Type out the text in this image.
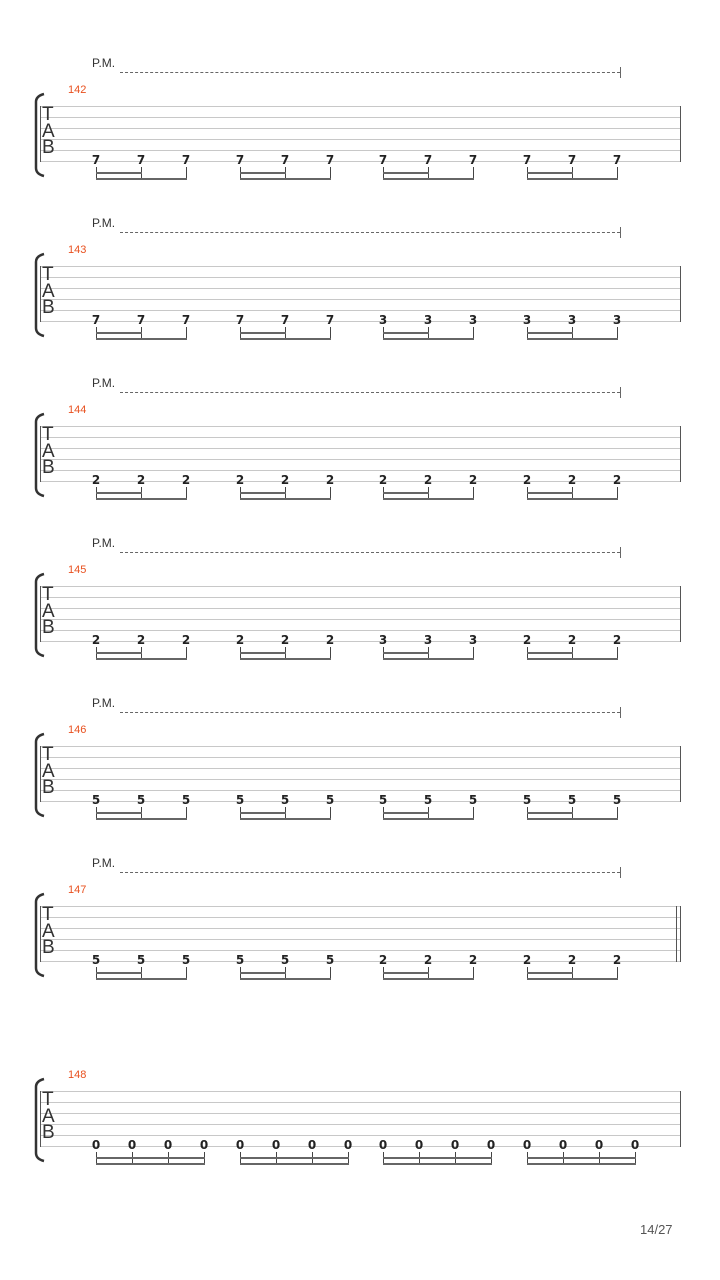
P.M.
142
T
A
B
7	7	7	7	7	7	7	7	7	7	7	7
P.M.
143
T
A
B
7	7	7	7	7	7	3	3	3	3	3	3
P.M.
144
T
A
B
2	2	2	2	2	2	2	2	2	2	2	2
P.M.
145
T
A
B
2	2	2	2	2	2	3	3	3	2	2	2
P.M.
146
T
A
B
5	5	5	5	5	5	5	5	5	5	5	5
P.M.
147
T
A
B
5	5	5	5	5	5	2	2	2	2	2	2
148
T
A
B
0 0 0 0 0 0 0 0 0 0 0 0 0 0 0 0
14/27
